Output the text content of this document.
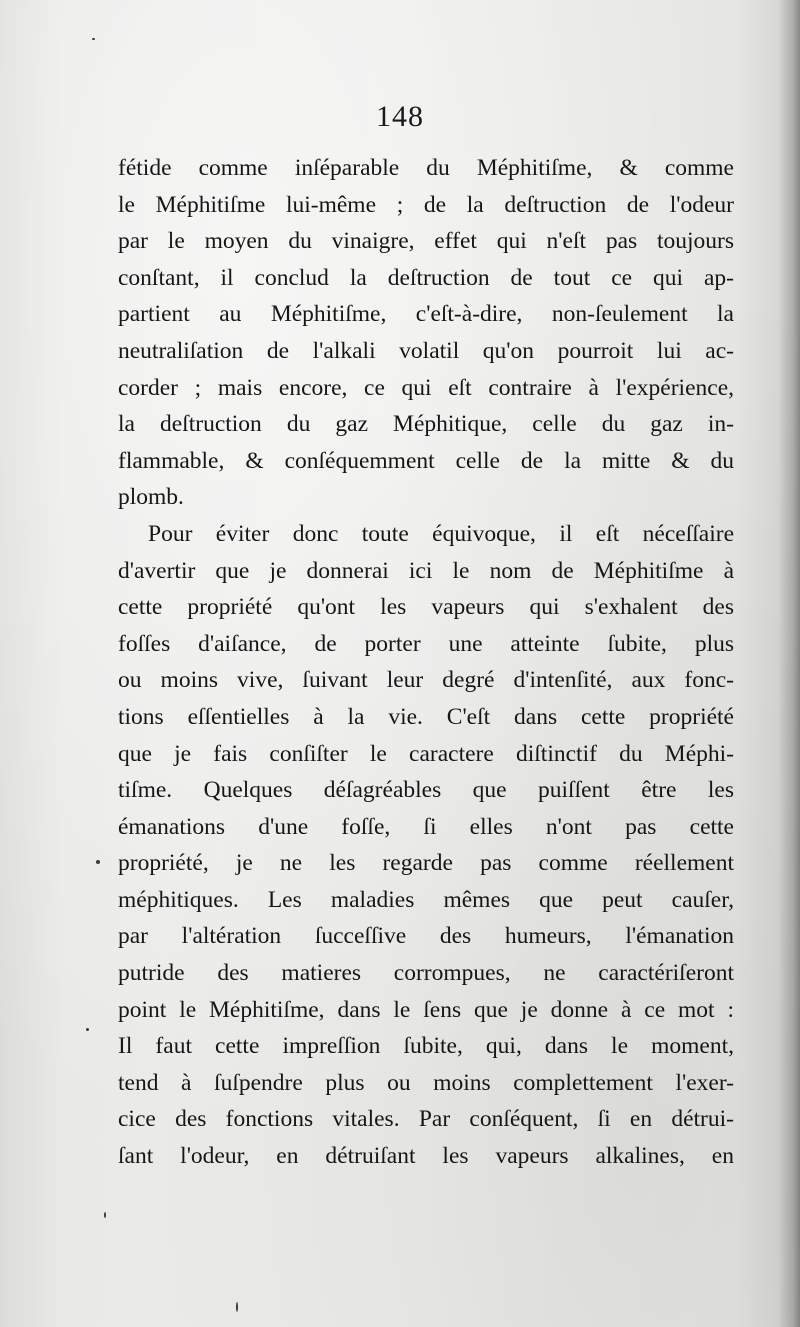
148
fétide comme inſéparable du Méphitiſme, & comme
le Méphitiſme lui-même ; de la deſtruction de l'odeur
par le moyen du vinaigre, effet qui n'eſt pas toujours
conſtant, il conclud la deſtruction de tout ce qui ap-
partient au Méphitiſme, c'eſt-à-dire, non-ſeulement la
neutraliſation de l'alkali volatil qu'on pourroit lui ac-
corder ; mais encore, ce qui eſt contraire à l'expérience,
la deſtruction du gaz Méphitique, celle du gaz in-
flammable, & conſéquemment celle de la mitte & du
plomb.
Pour éviter donc toute équivoque, il eſt néceſſaire
d'avertir que je donnerai ici le nom de Méphitiſme à
cette propriété qu'ont les vapeurs qui s'exhalent des
foſſes d'aiſance, de porter une atteinte ſubite, plus
ou moins vive, ſuivant leur degré d'intenſité, aux fonc-
tions eſſentielles à la vie. C'eſt dans cette propriété
que je fais conſiſter le caractere diſtinctif du Méphi-
tiſme. Quelques déſagréables que puiſſent être les
émanations d'une foſſe, ſi elles n'ont pas cette
propriété, je ne les regarde pas comme réellement
méphitiques. Les maladies mêmes que peut cauſer,
par l'altération ſucceſſive des humeurs, l'émanation
putride des matieres corrompues, ne caractériſeront
point le Méphitiſme, dans le ſens que je donne à ce mot :
Il faut cette impreſſion ſubite, qui, dans le moment,
tend à ſuſpendre plus ou moins complettement l'exer-
cice des fonctions vitales. Par conſéquent, ſi en détrui-
ſant l'odeur, en détruiſant les vapeurs alkalines, en
